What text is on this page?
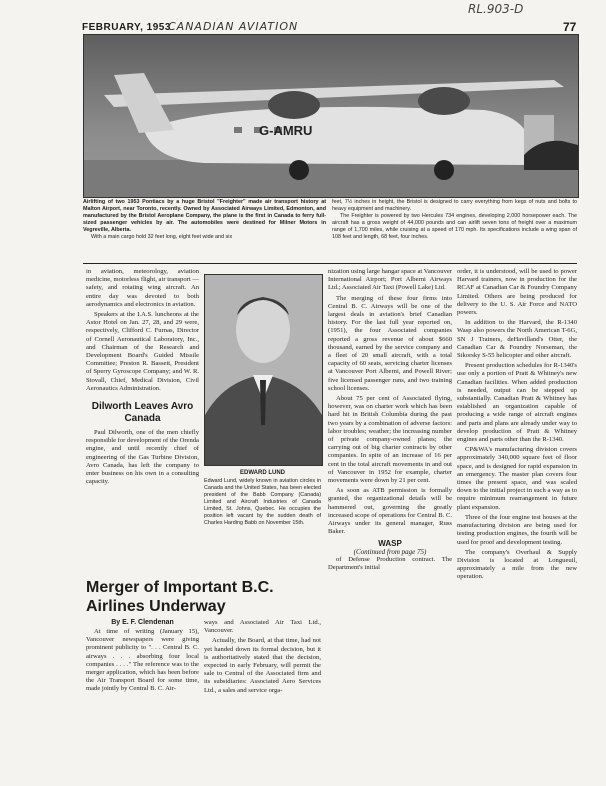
FEBRUARY, 1953
CANADIAN AVIATION
RL.903-D
77
G-AMRU
Airlifting of two 1953 Pontiacs by a huge Bristol "Freighter" made air transport history at Malton Airport, near Toronto, recently. Owned by Associated Airways Limited, Edmonton, and manufactured by the Bristol Aeroplane Company, the plane is the first in Canada to ferry full-sized passenger vehicles by air. The automobiles were destined for Milner Motors in Vegreville, Alberta.
With a main cargo hold 32 feet long, eight feet wide and six
feet, 7½ inches in height, the Bristol is designed to carry everything from kegs of nuts and bolts to heavy equipment and machinery.
The Freighter is powered by two Hercules 734 engines, developing 2,000 horsepower each. The aircraft has a gross weight of 44,000 pounds and can airlift seven tons of freight over a maximum range of 1,700 miles, while cruising at a speed of 170 mph. Its specifications include a wing span of 108 feet and length, 68 feet, four inches.

in aviation, meteorology, aviation medicine, motorless flight, air transport — safety, and rotating wing aircraft. An entire day was devoted to both aerodynamics and electronics in aviation.

Speakers at the I.A.S. luncheons at the Astor Hotel on Jan. 27, 28, and 29 were, respectively, Clifford C. Furnas, Director of Cornell Aeronautical Laboratory, Inc., and Chairman of the Research and Development Board's Guided Missile Committee; Preston R. Bassett, President of Sperry Gyroscope Company; and W. R. Stovall, Chief, Medical Division, Civil Aeronautics Administration.

Dilworth Leaves Avro Canada

Paul Dilworth, one of the men chiefly responsible for development of the Orenda engine, and until recently chief of engineering of the Gas Turbine Division, Avro Canada, has left the company to enter business on his own in a consulting capacity.

EDWARD LUND
Edward Lund, widely known in aviation circles in Canada and the United States, has been elected president of the Babb Company (Canada) Limited and Aircraft Industries of Canada Limited, St. Johns, Quebec. He occupies the position left vacant by the sudden death of Charles Harding Babb on November 15th.
Merger of Important B.C. Airlines Underway
By E. F. Clendenan

At time of writing (January 15), Vancouver newspapers were giving prominent publicity to ". . . Central B. C. airways . . . absorbing four local companies . . . ." The reference was to the merger application, which has been before the Air Transport Board for some time, made jointly by Central B. C. Air-

ways and Associated Air Taxi Ltd., Vancouver.

Actually, the Board, at that time, had not yet handed down its formal decision, but it is authoritatively stated that the decision, expected in early February, will permit the sale to Central of the Associated firm and its subsidiaries: Associated Aero Services Ltd., a sales and service orga-

nization using large hangar space at Vancouver International Airport; Port Alberni Airways Ltd.; Associated Air Taxi (Powell Lake) Ltd.

The merging of these four firms into Central B. C. Airways will be one of the largest deals in aviation's brief Canadian history. For the last full year reported on, (1951), the four Associated companies reported a gross revenue of about $660 thousand, earned by the service company and a fleet of 20 small aircraft, with a total capacity of 60 seats, servicing charter licenses at Vancouver Port Alberni, and Powell River; five licensed passenger runs, and two training school licenses.

About 75 per cent of Associated flying, however, was on charter work which has been hard hit in British Columbia during the past two years by a combination of adverse factors: labor troubles; weather; the increasing number of private company-owned planes; the carrying out of big charter contracts by other companies. In spite of an increase of 16 per cent in the total aircraft movements in and out of Vancouver in 1952 for example, charter movements were down by 21 per cent.

As soon as ATB permission is formally granted, the organizational details will be hammered out, governing the greatly increased scope of operations for Central B. C. Airways under its general manager, Russ Baker.

WASP
(Continued from page 75)

of Defense Production contract. The Department's initial

order, it is understood, will be used to power Harvard trainers, now in production for the RCAF at Canadian Car & Foundry Company Limited. Others are being produced for delivery to the U. S. Air Force and NATO powers.

In addition to the Harvard, the R-1340 Wasp also powers the North American T-6G, SN J Trainers, deHavilland's Otter, the Canadian Car & Foundry Norseman, the Sikorsky S-55 helicopter and other aircraft.

Present production schedules for R-1340's use only a portion of Pratt & Whitney's new Canadian facilities. When added production is needed, output can be stepped up substantially. Canadian Pratt & Whitney has established an organization capable of producing a wide range of aircraft engines and parts and plans are already under way to develop production of Pratt & Whitney engines and parts other than the R-1340.

CP&WA's manufacturing division covers approximately 340,000 square feet of floor space, and is designed for rapid expansion in an emergency. The master plan covers four times the present space, and was scaled down to the initial project in such a way as to require minimum rearrangement in future plant expansion.

Three of the four engine test houses at the manufacturing division are being used for testing production engines, the fourth will be used for proof and development testing.

The company's Overhaul & Supply Division is located at Longueuil, approximately a mile from the new operation.
